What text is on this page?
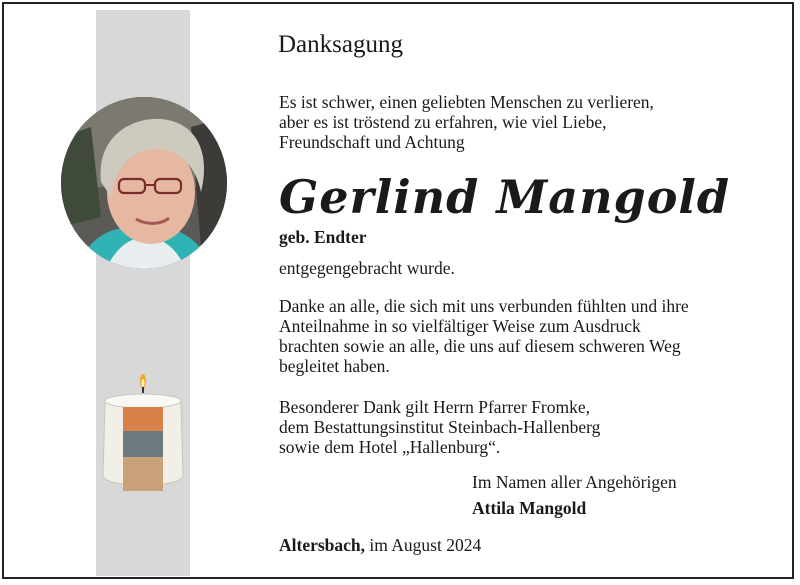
Danksagung
Es ist schwer, einen geliebten Menschen zu verlieren,
aber es ist tröstend zu erfahren, wie viel Liebe,
Freundschaft und Achtung
Gerlind Mangold
geb. Endter
entgegengebracht wurde.
Danke an alle, die sich mit uns verbunden fühlten und ihre
Anteilnahme in so vielfältiger Weise zum Ausdruck
brachten sowie an alle, die uns auf diesem schweren Weg
begleitet haben.
Besonderer Dank gilt Herrn Pfarrer Fromke,
dem Bestattungsinstitut Steinbach-Hallenberg
sowie dem Hotel „Hallenburg“.
Im Namen aller Angehörigen
Attila Mangold
Altersbach, im August 2024
